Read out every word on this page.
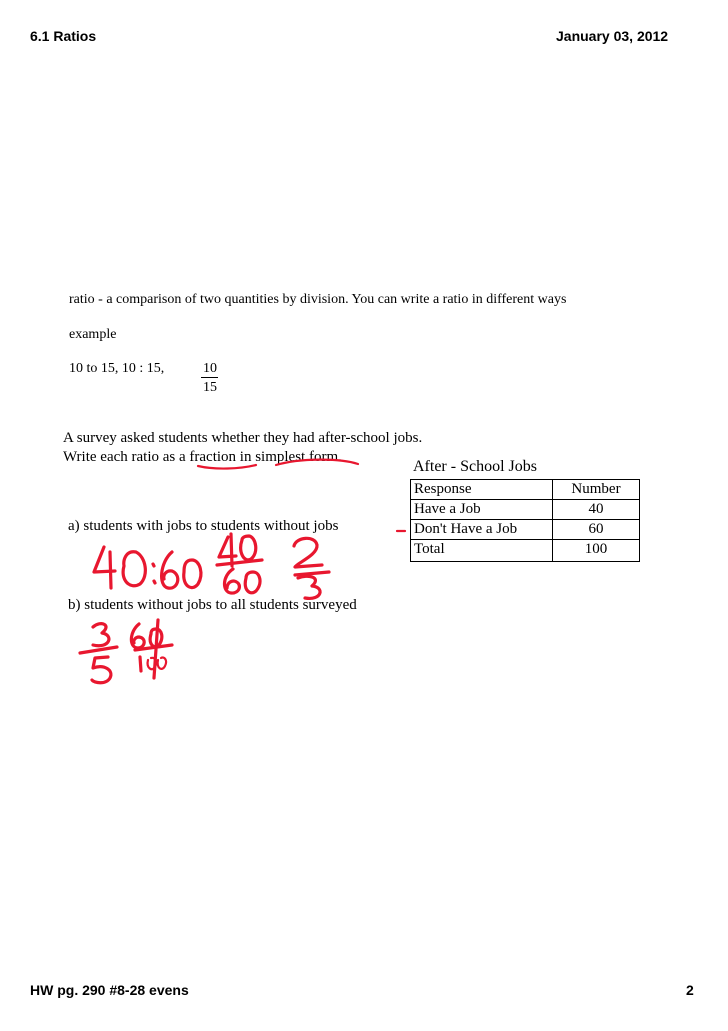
6.1 Ratios	January 03, 2012
ratio - a comparison of two quantities by division. You can write a ratio in different ways
example
10 to 15, 10 : 15,	10
15
A survey asked students whether they had after-school jobs.
Write each ratio as a fraction in simplest form.
After - School Jobs
Response	Number
Have a Job	40
Don't Have a Job	60
Total	100
a) students with jobs to students without jobs
b) students without jobs to all students surveyed
HW pg. 290 #8-28 evens	2
